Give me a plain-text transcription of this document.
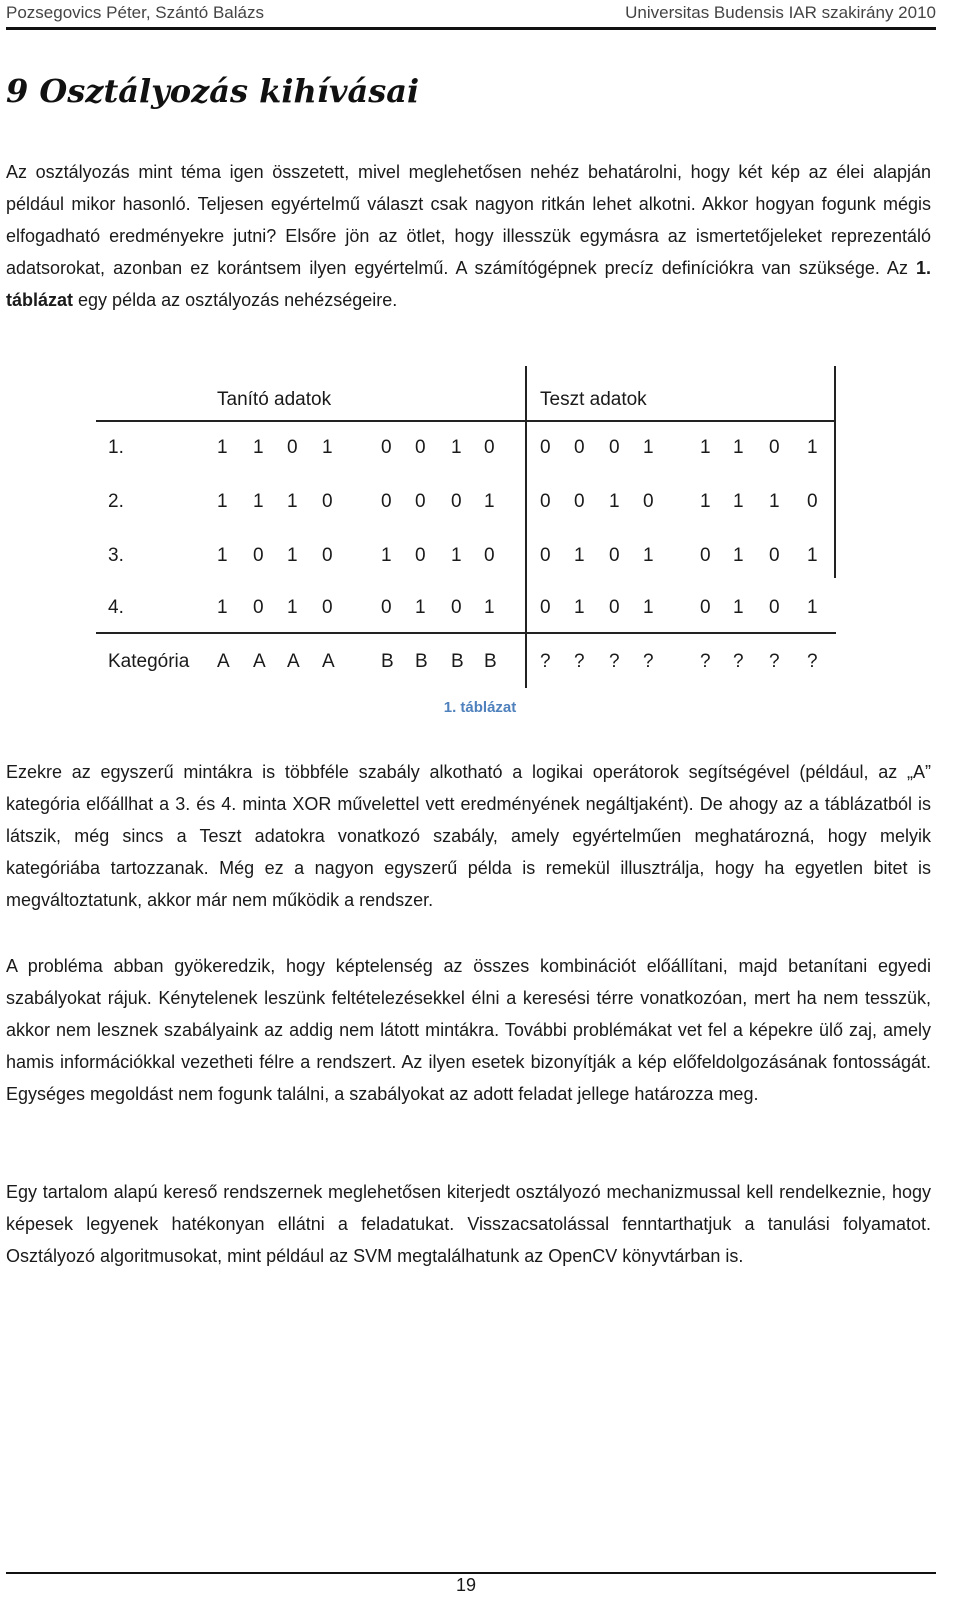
Pozsegovics Péter, Szántó Balázs	Universitas Budensis IAR szakirány 2010
9 Osztályozás kihívásai

Az osztályozás mint téma igen összetett, mivel meglehetősen nehéz behatárolni, hogy két kép az élei alapján például mikor hasonló. Teljesen egyértelmű választ csak nagyon ritkán lehet alkotni. Akkor hogyan fogunk mégis elfogadható eredményekre jutni? Elsőre jön az ötlet, hogy illesszük egymásra az ismertetőjeleket reprezentáló adatsorokat, azonban ez korántsem ilyen egyértelmű. A számítógépnek precíz definíciókra van szüksége. Az 1. táblázat egy példa az osztályozás nehézségeire.

Tanító adatok	Teszt adatok
1.	1 1 0 1	0 0 1 0 0 0 0 1 1 1 0 1
2.	1 1 1 0	0 0 0 1 0 0 1 0 1 1 1 0
3.	1 0 1 0	1 0 1 0 0 1 0 1 0 1 0 1
4.	1 0 1 0	0 1 0 1 0 1 0 1 0 1 0 1
Kategória A A A A B B B B ? ? ? ? ? ? ? ?
1. táblázat

Ezekre az egyszerű mintákra is többféle szabály alkotható a logikai operátorok segítségével (például, az „A” kategória előállhat a 3. és 4. minta XOR művelettel vett eredményének negáltjaként). De ahogy az a táblázatból is látszik, még sincs a Teszt adatokra vonatkozó szabály, amely egyértelműen meghatározná, hogy melyik kategóriába tartozzanak. Még ez a nagyon egyszerű példa is remekül illusztrálja, hogy ha egyetlen bitet is megváltoztatunk, akkor már nem működik a rendszer.

A probléma abban gyökeredzik, hogy képtelenség az összes kombinációt előállítani, majd betanítani egyedi szabályokat rájuk. Kénytelenek leszünk feltételezésekkel élni a keresési térre vonatkozóan, mert ha nem tesszük, akkor nem lesznek szabályaink az addig nem látott mintákra. További problémákat vet fel a képekre ülő zaj, amely hamis információkkal vezetheti félre a rendszert. Az ilyen esetek bizonyítják a kép előfeldolgozásának fontosságát. Egységes megoldást nem fogunk találni, a szabályokat az adott feladat jellege határozza meg.

Egy tartalom alapú kereső rendszernek meglehetősen kiterjedt osztályozó mechanizmussal kell rendelkeznie, hogy képesek legyenek hatékonyan ellátni a feladatukat. Visszacsatolással fenntarthatjuk a tanulási folyamatot. Osztályozó algoritmusokat, mint például az SVM megtalálhatunk az OpenCV könyvtárban is.

19
